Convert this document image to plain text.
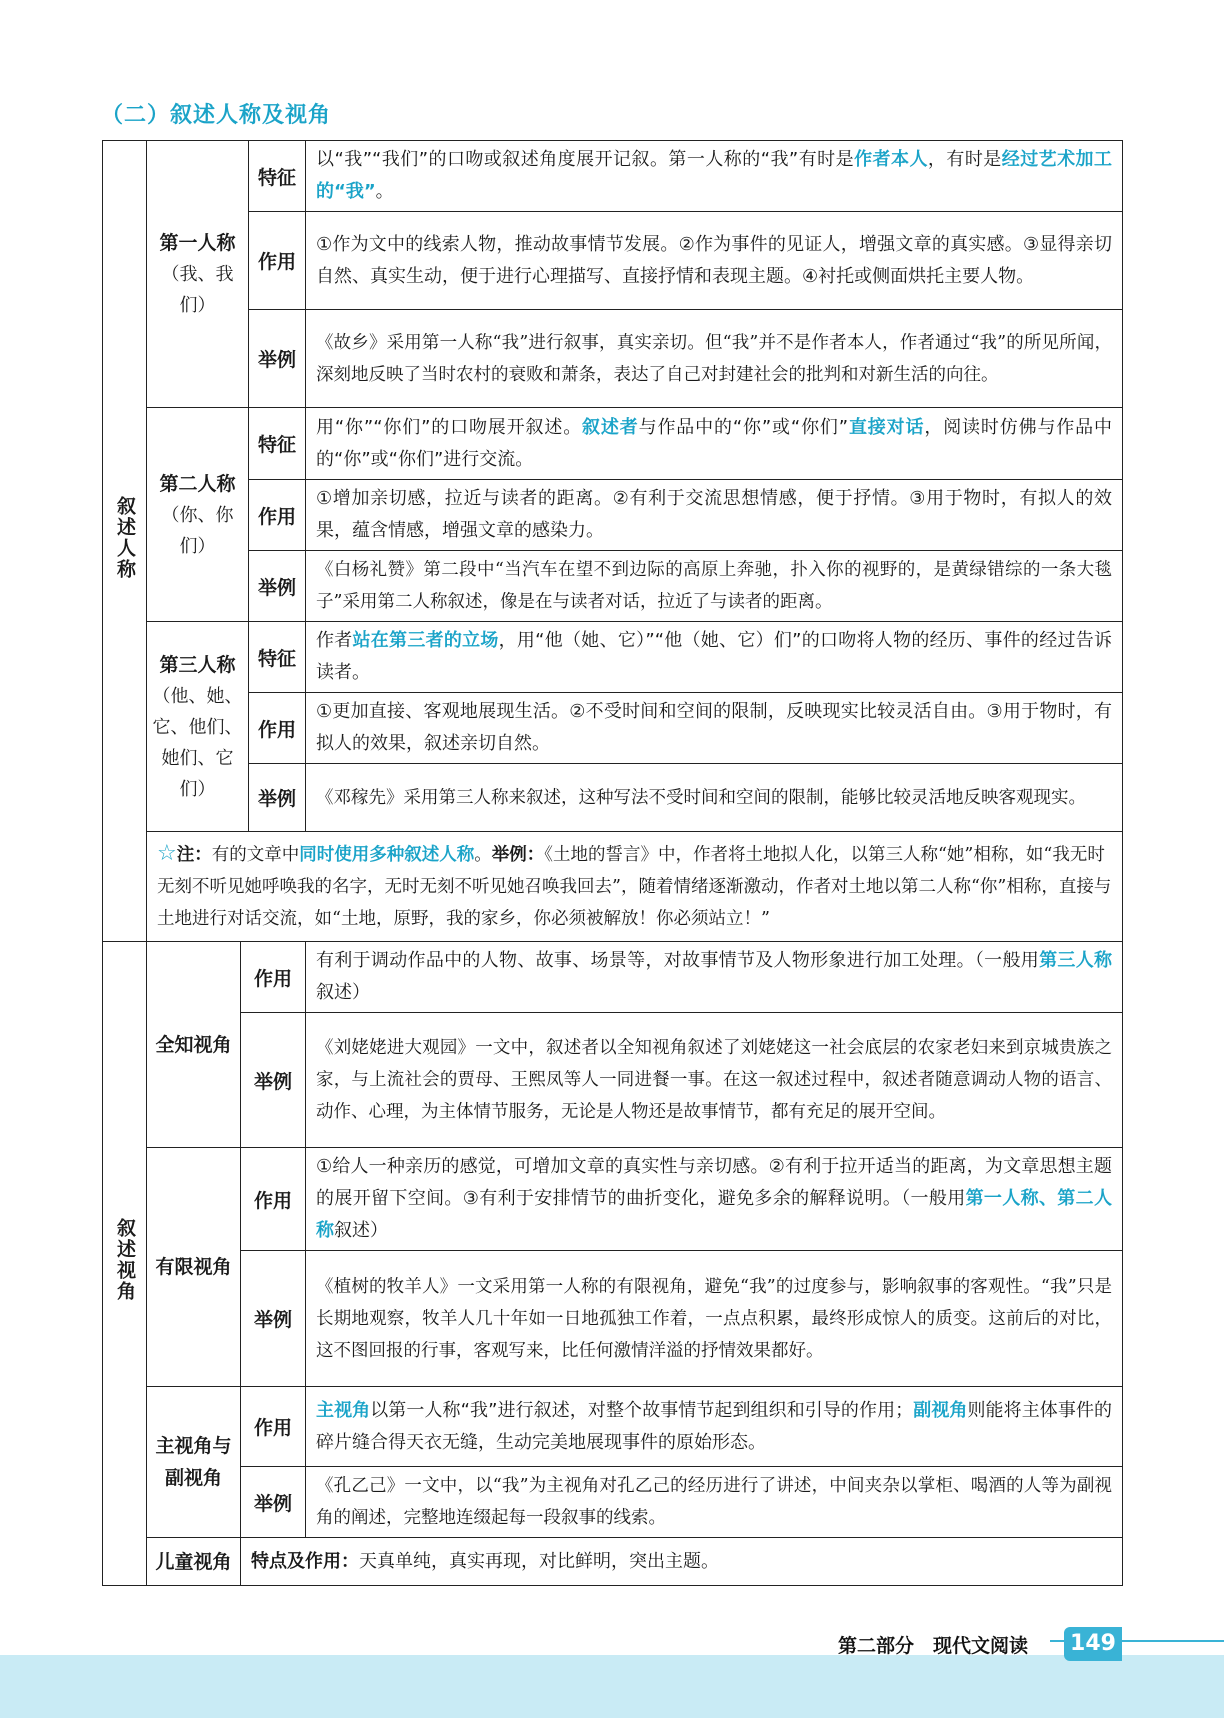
（二）叙述人称及视角
叙述人称	第一人称
（我、我们）		特征	以“我”“我们”的口吻或叙述角度展开记叙。第一人称的“我”有时是作者本人，有时是经过艺术加工的“我”。
			作用	①作为文中的线索人物，推动故事情节发展。②作为事件的见证人，增强文章的真实感。③显得亲切自然、真实生动，便于进行心理描写、直接抒情和表现主题。④衬托或侧面烘托主要人物。
			举例	《故乡》采用第一人称“我”进行叙事，真实亲切。但“我”并不是作者本人，作者通过“我”的所见所闻，深刻地反映了当时农村的衰败和萧条，表达了自己对封建社会的批判和对新生活的向往。
	第二人称
（你、你们）		特征	用“你”“你们”的口吻展开叙述。叙述者与作品中的“你”或“你们”直接对话，阅读时仿佛与作品中的“你”或“你们”进行交流。
			作用	①增加亲切感，拉近与读者的距离。②有利于交流思想情感，便于抒情。③用于物时，有拟人的效果，蕴含情感，增强文章的感染力。
			举例	《白杨礼赞》第二段中“当汽车在望不到边际的高原上奔驰，扑入你的视野的，是黄绿错综的一条大毯子”采用第二人称叙述，像是在与读者对话，拉近了与读者的距离。
	第三人称
（他、她、它、他们、她们、它们）		特征	作者站在第三者的立场，用“他（她、它）”“他（她、它）们”的口吻将人物的经历、事件的经过告诉读者。
			作用	①更加直接、客观地展现生活。②不受时间和空间的限制，反映现实比较灵活自由。③用于物时，有拟人的效果，叙述亲切自然。
			举例	《邓稼先》采用第三人称来叙述，这种写法不受时间和空间的限制，能够比较灵活地反映客观现实。
	☆注：有的文章中同时使用多种叙述人称。举例：《土地的誓言》中，作者将土地拟人化，以第三人称“她”相称，如“我无时无刻不听见她呼唤我的名字，无时无刻不听见她召唤我回去”，随着情绪逐渐激动，作者对土地以第二人称“你”相称，直接与土地进行对话交流，如“土地，原野，我的家乡，你必须被解放！你必须站立！”			
叙述视角	全知视角	作用		有利于调动作品中的人物、故事、场景等，对故事情节及人物形象进行加工处理。（一般用第三人称叙述）
		举例		《刘姥姥进大观园》一文中，叙述者以全知视角叙述了刘姥姥这一社会底层的农家老妇来到京城贵族之家，与上流社会的贾母、王熙凤等人一同进餐一事。在这一叙述过程中，叙述者随意调动人物的语言、动作、心理，为主体情节服务，无论是人物还是故事情节，都有充足的展开空间。
	有限视角	作用		①给人一种亲历的感觉，可增加文章的真实性与亲切感。②有利于拉开适当的距离，为文章思想主题的展开留下空间。③有利于安排情节的曲折变化，避免多余的解释说明。（一般用第一人称、第二人称叙述）
		举例		《植树的牧羊人》一文采用第一人称的有限视角，避免“我”的过度参与，影响叙事的客观性。“我”只是长期地观察，牧羊人几十年如一日地孤独工作着，一点点积累，最终形成惊人的质变。这前后的对比，这不图回报的行事，客观写来，比任何激情洋溢的抒情效果都好。
	主视角与
副视角	作用		主视角以第一人称“我”进行叙述，对整个故事情节起到组织和引导的作用；副视角则能将主体事件的碎片缝合得天衣无缝，生动完美地展现事件的原始形态。
		举例		《孔乙己》一文中，以“我”为主视角对孔乙己的经历进行了讲述，中间夹杂以掌柜、喝酒的人等为副视角的阐述，完整地连缀起每一段叙事的线索。
	儿童视角	特点及作用：天真单纯，真实再现，对比鲜明，突出主题。		
第二部分　现代文阅读 149
